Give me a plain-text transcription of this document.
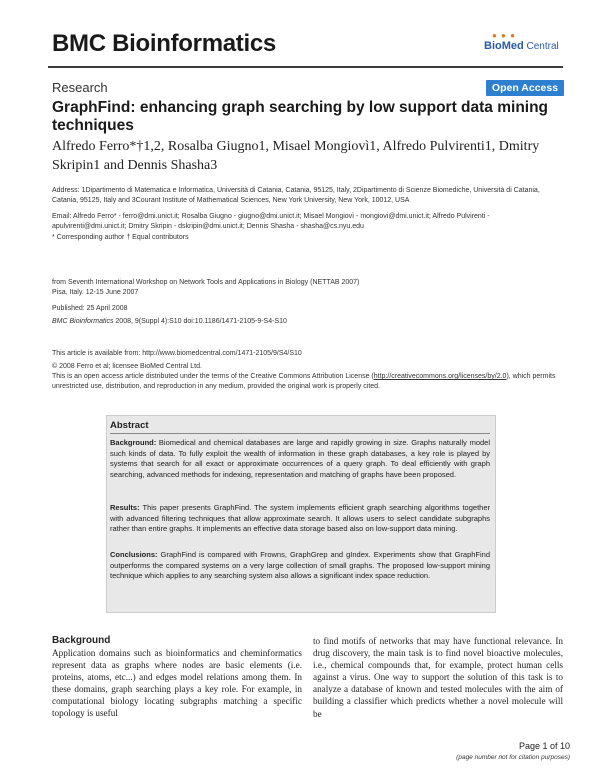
BMC Bioinformatics	● ● ●
BioMed Central
Research	Open Access
GraphFind: enhancing graph searching by low support data mining techniques
Alfredo Ferro*†1,2, Rosalba Giugno1, Misael Mongiovì1, Alfredo Pulvirenti1, Dmitry Skripin1 and Dennis Shasha3
Address: 1Dipartimento di Matematica e Informatica, Università di Catania, Catania, 95125, Italy, 2Dipartimento di Scienze Biomediche, Università di Catania, Catania, 95125, Italy and 3Courant Institute of Mathematical Sciences, New York University, New York, 10012, USA
Email: Alfredo Ferro* - ferro@dmi.unict.it; Rosalba Giugno - giugno@dmi.unict.it; Misael Mongiovì - mongiovi@dmi.unict.it; Alfredo Pulvirenti - apulvirenti@dmi.unict.it; Dmitry Skripin - dskripin@dmi.unict.it; Dennis Shasha - shasha@cs.nyu.edu
* Corresponding author † Equal contributors
from Seventh International Workshop on Network Tools and Applications in Biology (NETTAB 2007)
Pisa, Italy. 12-15 June 2007
Published: 25 April 2008
BMC Bioinformatics 2008, 9(Suppl 4):S10 doi:10.1186/1471-2105-9-S4-S10
This article is available from: http://www.biomedcentral.com/1471-2105/9/S4/S10
© 2008 Ferro et al; licensee BioMed Central Ltd.
This is an open access article distributed under the terms of the Creative Commons Attribution License (http://creativecommons.org/licenses/by/2.0), which permits unrestricted use, distribution, and reproduction in any medium, provided the original work is properly cited.
Abstract
Background: Biomedical and chemical databases are large and rapidly growing in size. Graphs naturally model such kinds of data. To fully exploit the wealth of information in these graph databases, a key role is played by systems that search for all exact or approximate occurrences of a query graph. To deal efficiently with graph searching, advanced methods for indexing, representation and matching of graphs have been proposed.
Results: This paper presents GraphFind. The system implements efficient graph searching algorithms together with advanced filtering techniques that allow approximate search. It allows users to select candidate subgraphs rather than entire graphs. It implements an effective data storage based also on low-support data mining.
Conclusions: GraphFind is compared with Frowns, GraphGrep and gIndex. Experiments show that GraphFind outperforms the compared systems on a very large collection of small graphs. The proposed low-support mining technique which applies to any searching system also allows a significant index space reduction.
Background
Application domains such as bioinformatics and cheminformatics represent data as graphs where nodes are basic elements (i.e. proteins, atoms, etc...) and edges model relations among them. In these domains, graph searching plays a key role. For example, in computational biology locating subgraphs matching a specific topology is useful
to find motifs of networks that may have functional relevance. In drug discovery, the main task is to find novel bioactive molecules, i.e., chemical compounds that, for example, protect human cells against a virus. One way to support the solution of this task is to analyze a database of known and tested molecules with the aim of building a classifier which predicts whether a novel molecule will be
Page 1 of 10
(page number not for citation purposes)
